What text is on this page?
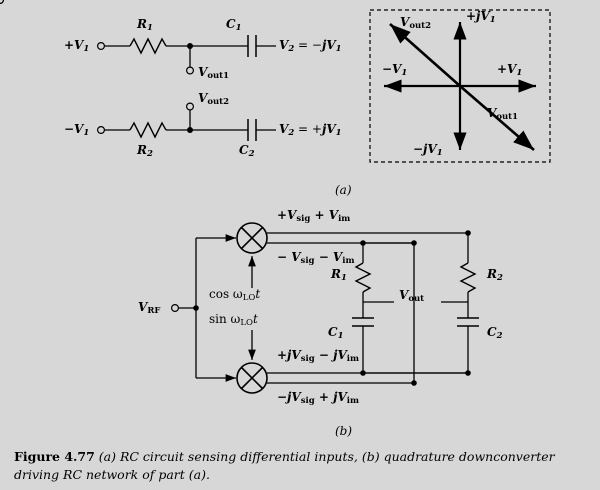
$+V_1$
$R_1$	$C_1$
$V_{out1}$
$V_2 = -jV_1$
$-V_1$
$R_2$	$C_2$
$V_{out2}$
$V_2 = +jV_1$
$+jV_1$
$-jV_1$
$+V_1$
$-V_1$
$V_{out2}$
$V_{out1}$
(a)
$V_{RF}$
$\cos \omega_{LO}t$
$\sin \omega_{LO}t$
$+V_{sig} + V_{im}$
− $V_{sig} - V_{im}$
$+jV_{sig} - jV_{im}$
$-jV_{sig} + jV_{im}$
$R_1$	$R_2$
$C_1$	$C_2$
$V_{out}$
(b)
Figure 4.77 (a) RC circuit sensing differential inputs, (b) quadrature downconverter driving RC network of part (a).
